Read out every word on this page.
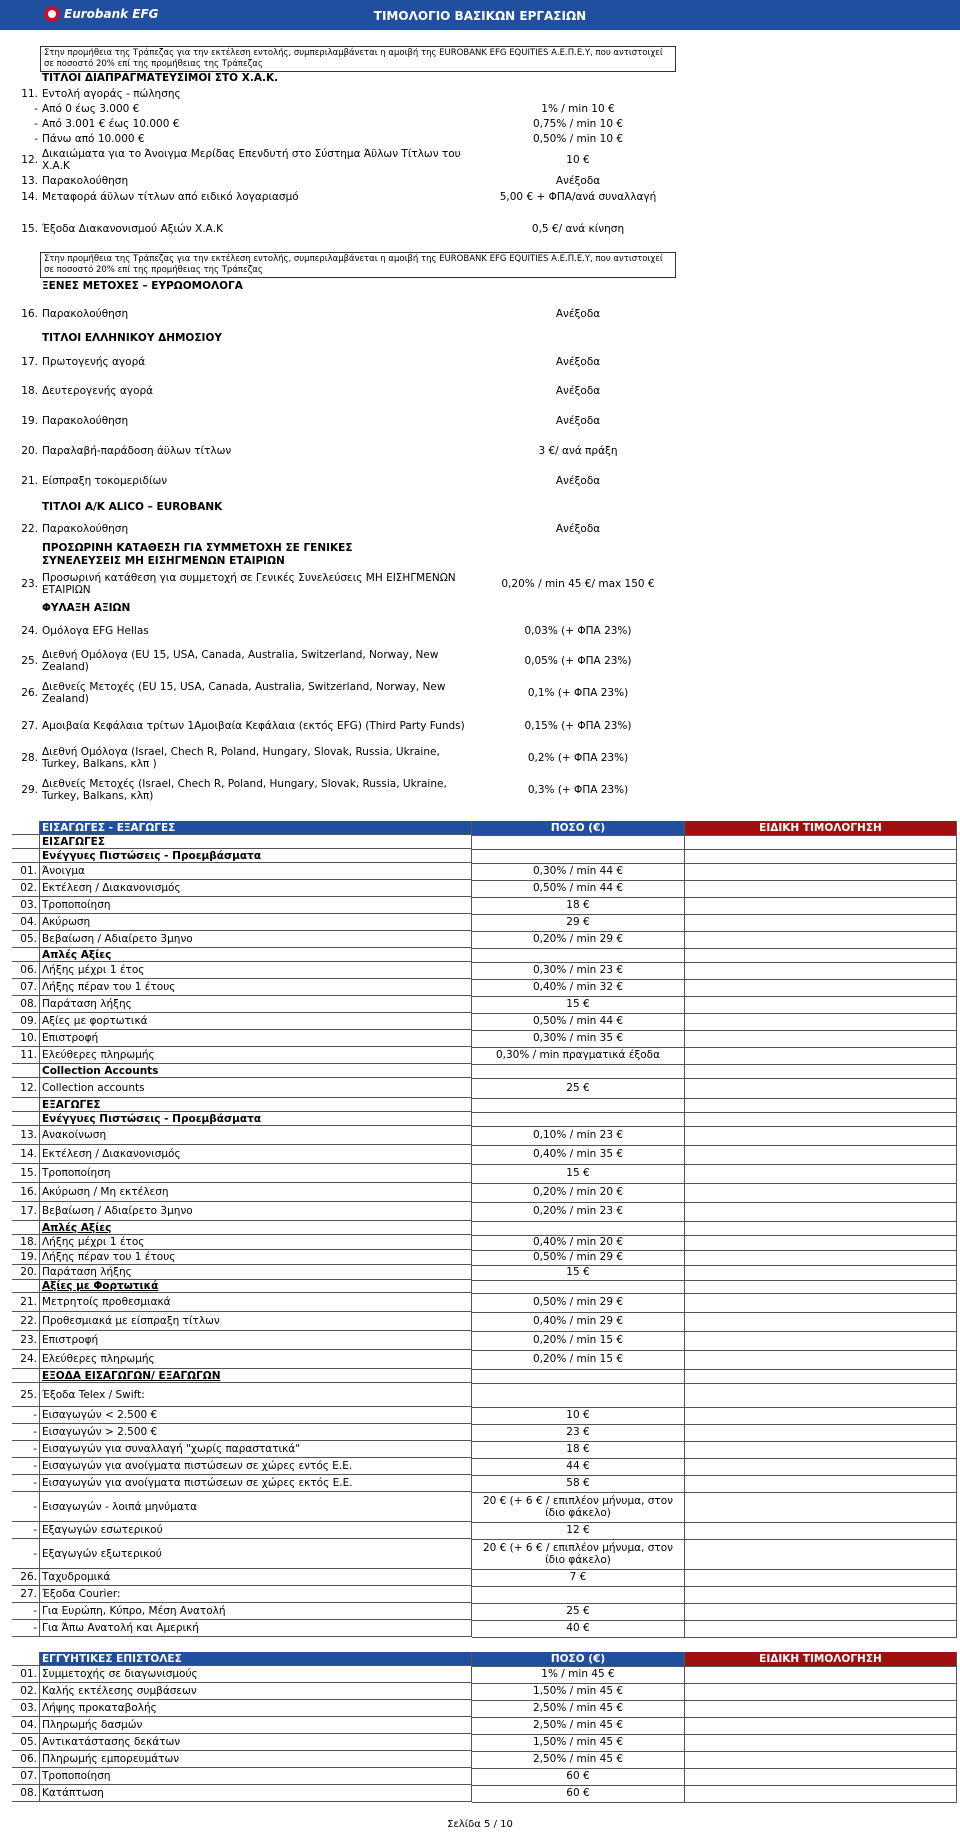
Eurobank EFG	ΤΙΜΟΛΟΓΙΟ ΒΑΣΙΚΩΝ ΕΡΓΑΣΙΩΝ
Στην προμήθεια της Τράπεζας για την εκτέλεση εντολής, συμπεριλαμβάνεται η αμοιβή της EUROBANK EFG EQUITIES Α.Ε.Π.Ε.Υ, που αντιστοιχεί σε ποσοστό 20% επί της προμήθειας της Τράπεζας
ΤΙΤΛΟΙ ΔΙΑΠΡΑΓΜΑΤΕΥΣΙΜΟΙ ΣΤΟ Χ.Α.Κ.
11. Εντολή αγοράς - πώλησης
- Από 0 έως 3.000 €	1% / min 10 €
- Από 3.001 € έως 10.000 €	0,75% / min 10 €
- Πάνω από 10.000 €	0,50% / min 10 €
12. Δικαιώματα για το Άνοιγμα Μερίδας Επενδυτή στο Σύστημα Άϋλων Τίτλων του Χ.Α.Κ	10 €
13. Παρακολούθηση	Ανέξοδα
14. Μεταφορά άϋλων τίτλων από ειδικό λογαριασμό	5,00 € + ΦΠΑ/ανά συναλλαγή
15. Έξοδα Διακανονισμού Αξιών Χ.Α.Κ	0,5 €/ ανά κίνηση
Στην προμήθεια της Τράπεζας για την εκτέλεση εντολής, συμπεριλαμβάνεται η αμοιβή της EUROBANK EFG EQUITIES Α.Ε.Π.Ε.Υ, που αντιστοιχεί σε ποσοστό 20% επί της προμήθειας της Τράπεζας
ΞΕΝΕΣ ΜΕΤΟΧΕΣ – ΕΥΡΩΟΜΟΛΟΓΑ
16. Παρακολούθηση	Ανέξοδα
ΤΙΤΛΟΙ ΕΛΛΗΝΙΚΟΥ ΔΗΜΟΣΙΟΥ
17. Πρωτογενής αγορά	Ανέξοδα
18. Δευτερογενής αγορά	Ανέξοδα
19. Παρακολούθηση	Ανέξοδα
20. Παραλαβή-παράδοση άϋλων τίτλων	3 €/ ανά πράξη
21. Είσπραξη τοκομεριδίων	Ανέξοδα
ΤΙΤΛΟΙ Α/Κ ALICO – EUROBANK
22. Παρακολούθηση	Ανέξοδα
ΠΡΟΣΩΡΙΝΗ ΚΑΤΑΘΕΣΗ ΓΙΑ ΣΥΜΜΕΤΟΧΗ ΣΕ ΓΕΝΙΚΕΣ ΣΥΝΕΛΕΥΣΕΙΣ ΜΗ ΕΙΣΗΓΜΕΝΩΝ ΕΤΑΙΡΙΩΝ
23. Προσωρινή κατάθεση για συμμετοχή σε Γενικές Συνελεύσεις ΜΗ ΕΙΣΗΓΜΕΝΩΝ ΕΤΑΙΡΙΩΝ	0,20% / min 45 €/ max 150 €
ΦΥΛΑΞΗ ΑΞΙΩΝ
24. Ομόλογα EFG Hellas	0,03% (+ ΦΠΑ 23%)
25. Διεθνή Ομόλογα (EU 15, USA, Canada, Australia, Switzerland, Norway, New Zealand)	0,05% (+ ΦΠΑ 23%)
26. Διεθνείς Μετοχές (EU 15, USA, Canada, Australia, Switzerland, Norway, New Zealand)	0,1% (+ ΦΠΑ 23%)
27. Αμοιβαία Κεφάλαια τρίτων 1Αμοιβαία Κεφάλαια (εκτός EFG) (Third Party Funds)	0,15% (+ ΦΠΑ 23%)
28. Διεθνή Ομόλογα (Israel, Chech R, Poland, Hungary, Slovak, Russia, Ukraine, Turkey, Balkans, κλπ )	0,2% (+ ΦΠΑ 23%)
29. Διεθνείς Μετοχές (Israel, Chech R, Poland, Hungary, Slovak, Russia, Ukraine, Turkey, Balkans, κλπ)	0,3% (+ ΦΠΑ 23%)
ΕΙΣΑΓΩΓΕΣ - ΕΞΑΓΩΓΕΣ	ΠΟΣΟ (€)	ΕΙΔΙΚΗ ΤΙΜΟΛΟΓΗΣΗ
ΕΙΣΑΓΩΓΕΣ
Ενέγγυες Πιστώσεις - Προεμβάσματα
01. Άνοιγμα	0,30% / min 44 €
02. Εκτέλεση / Διακανονισμός	0,50% / min 44 €
03. Τροποποίηση	18 €
04. Ακύρωση	29 €
05. Βεβαίωση / Αδιαίρετο 3μηνο	0,20% / min 29 €
Απλές Αξίες
06. Λήξης μέχρι 1 έτος	0,30% / min 23 €
07. Λήξης πέραν του 1 έτους	0,40% / min 32 €
08. Παράταση λήξης	15 €
09. Αξίες με φορτωτικά	0,50% / min 44 €
10. Επιστροφή	0,30% / min 35 €
11. Ελεύθερες πληρωμής	0,30% / min πραγματικά έξοδα
Collection Accounts
12. Collection accounts	25 €
ΕΞΑΓΩΓΕΣ
Ενέγγυες Πιστώσεις - Προεμβάσματα
13. Ανακοίνωση	0,10% / min 23 €
14. Εκτέλεση / Διακανονισμός	0,40% / min 35 €
15. Τροποποίηση	15 €
16. Ακύρωση / Μη εκτέλεση	0,20% / min 20 €
17. Βεβαίωση / Αδιαίρετο 3μηνο	0,20% / min 23 €
Απλές Αξίες
18. Λήξης μέχρι 1 έτος	0,40% / min 20 €
19. Λήξης πέραν του 1 έτους	0,50% / min 29 €
20. Παράταση λήξης	15 €
Αξίες με Φορτωτικά
21. Μετρητοίς προθεσμιακά	0,50% / min 29 €
22. Προθεσμιακά με είσπραξη τίτλων	0,40% / min 29 €
23. Επιστροφή	0,20% / min 15 €
24. Ελεύθερες πληρωμής	0,20% / min 15 €
ΕΞΟΔΑ ΕΙΣΑΓΩΓΩΝ/ ΕΞΑΓΩΓΩΝ
25. Έξοδα Telex / Swift:
- Εισαγωγών < 2.500 €	10 €
- Εισαγωγών > 2.500 €	23 €
- Εισαγωγών για συναλλαγή "χωρίς παραστατικά"	18 €
- Εισαγωγών για ανοίγματα πιστώσεων σε χώρες εντός Ε.Ε.	44 €
- Εισαγωγών για ανοίγματα πιστώσεων σε χώρες εκτός Ε.Ε.	58 €
- Εισαγωγών - λοιπά μηνύματα	20 € (+ 6 € / επιπλέον μήνυμα, στον ίδιο φάκελο)
- Εξαγωγών εσωτερικού	12 €
- Εξαγωγών εξωτερικού	20 € (+ 6 € / επιπλέον μήνυμα, στον ίδιο φάκελο)
26. Ταχυδρομικά	7 €
27. Έξοδα Courier:
- Για Ευρώπη, Κύπρο, Μέση Ανατολή	25 €
- Για Άπω Ανατολή και Αμερική	40 €
ΕΓΓΥΗΤΙΚΕΣ ΕΠΙΣΤΟΛΕΣ	ΠΟΣΟ (€)	ΕΙΔΙΚΗ ΤΙΜΟΛΟΓΗΣΗ
01. Συμμετοχής σε διαγωνισμούς	1% / min 45 €
02. Καλής εκτέλεσης συμβάσεων	1,50% / min 45 €
03. Λήψης προκαταβολής	2,50% / min 45 €
04. Πληρωμής δασμών	2,50% / min 45 €
05. Αντικατάστασης δεκάτων	1,50% / min 45 €
06. Πληρωμής εμπορευμάτων	2,50% / min 45 €
07. Τροποποίηση	60 €
08. Κατάπτωση	60 €
Σελίδα 5 / 10
